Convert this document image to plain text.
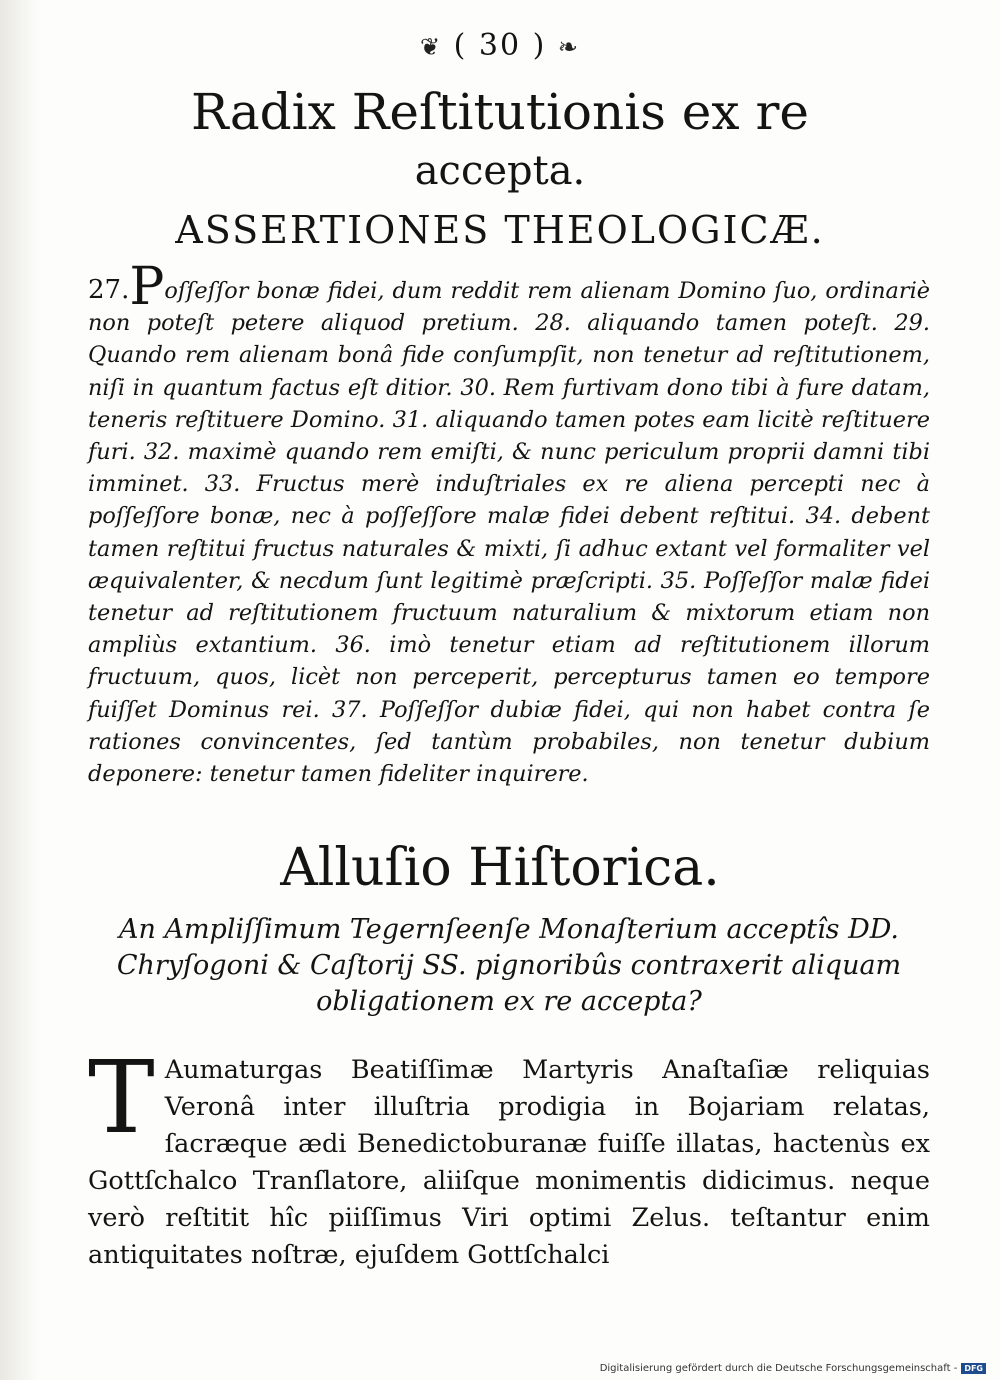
❦ ( 30 ) ❧
Radix Reſtitutionis ex re
accepta.
ASSERTIONES THEOLOGICÆ.
27.Poſſeſſor bonæ fidei, dum reddit rem alienam Domino ſuo, ordinariè non poteſt petere aliquod pretium. 28. aliquando tamen poteſt. 29. Quando rem alienam bonâ fide conſumpſit, non tenetur ad reſtitutionem, niſi in quantum factus eſt ditior. 30. Rem furtivam dono tibi à fure datam, teneris reſtituere Domino. 31. aliquando tamen potes eam licitè reſtituere furi. 32. maximè quando rem emiſti, & nunc periculum proprii damni tibi imminet. 33. Fructus merè induſtriales ex re aliena percepti nec à poſſeſſore bonæ, nec à poſſeſſore malæ fidei debent reſtitui. 34. debent tamen reſtitui fructus naturales & mixti, ſi adhuc extant vel formaliter vel æquivalenter, & necdum ſunt legitimè præſcripti. 35. Poſſeſſor malæ fidei tenetur ad reſtitutionem fructuum naturalium & mixtorum etiam non ampliùs extantium. 36. imò tenetur etiam ad reſtitutionem illorum fructuum, quos, licèt non perceperit, percepturus tamen eo tempore fuiſſet Dominus rei. 37. Poſſeſſor dubiæ fidei, qui non habet contra ſe rationes convincentes, ſed tantùm probabiles, non tenetur dubium deponere: tenetur tamen fideliter inquirere.
Alluſio Hiſtorica.
An Ampliſſimum Tegernſeenſe Monaſterium acceptîs DD. Chryſogoni & Caſtorij SS. pignoribûs contraxerit aliquam obligationem ex re accepta?
T Aumaturgas Beatiſſimæ Martyris Anaſtaſiæ reliquias Veronâ inter illuſtria prodigia in Bojariam relatas, ſacræque ædi Benedictoburanæ fuiſſe illatas, hactenùs ex Gottſchalco Tranſlatore, aliiſque monimentis didicimus. neque verò reſtitit hîc piiſſimus Viri optimi Zelus. teſtantur enim antiquitates noſtræ, ejuſdem Gottſchalci
Digitalisierung gefördert durch die Deutsche Forschungsgemeinschaft - DFG
